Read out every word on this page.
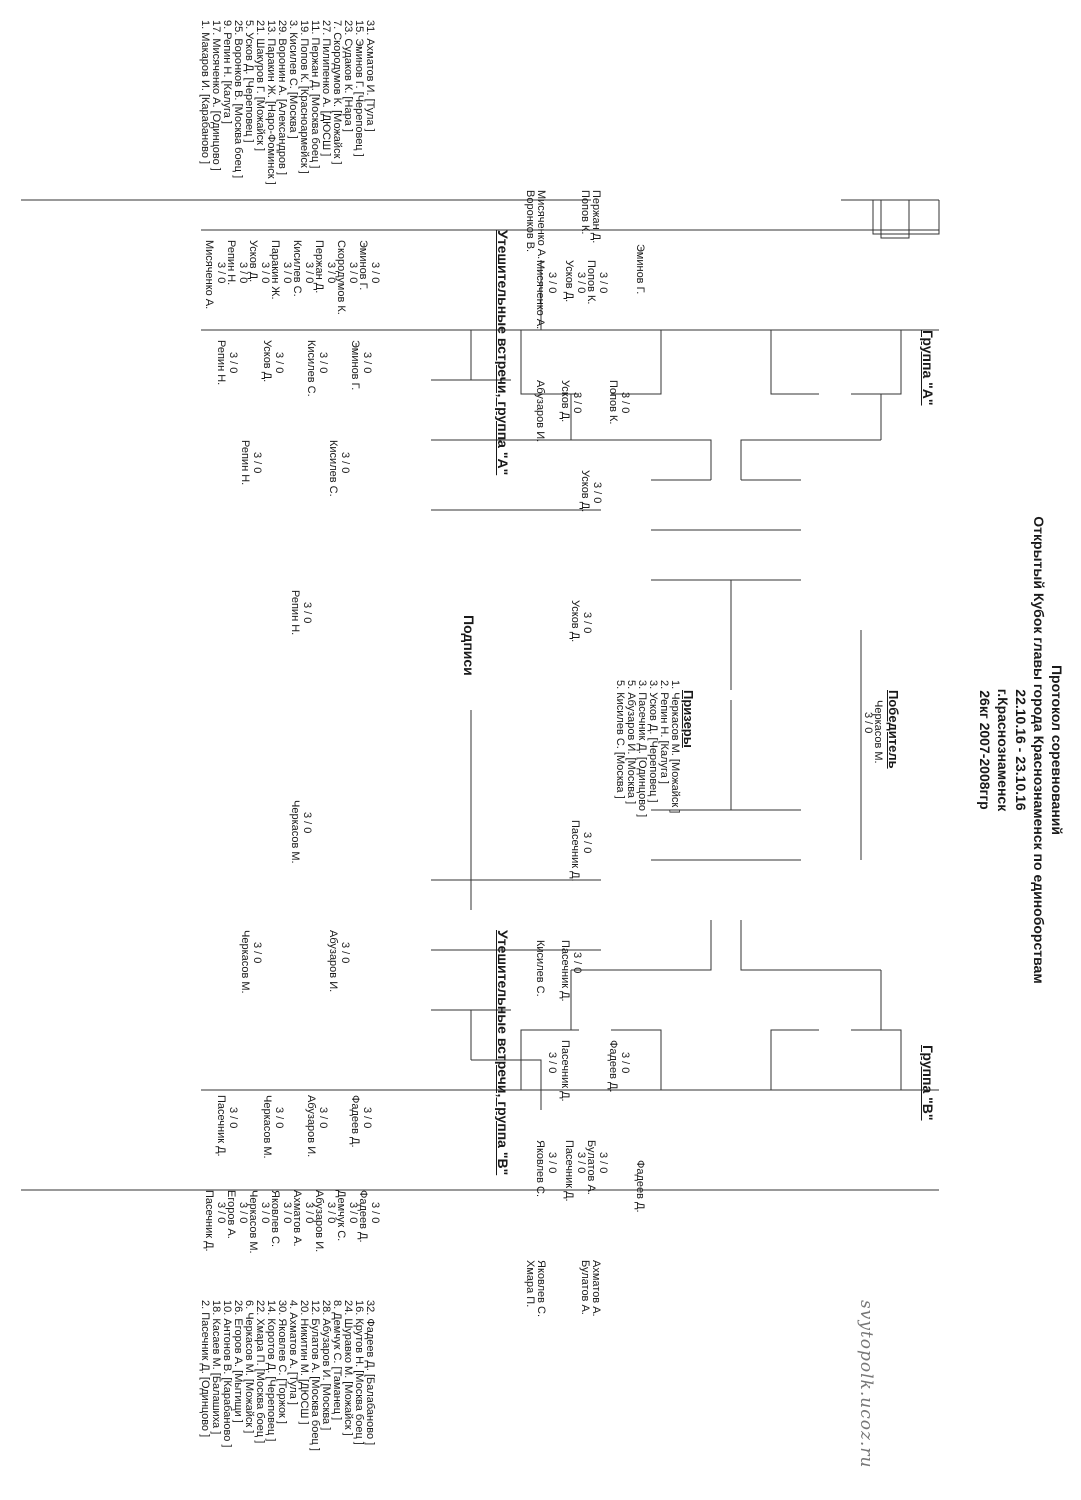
Протокол соревнований
Открытый Кубок главы города Краснознаменск по единоборствам
22.10.16 - 23.10.16
г.Краснознаменск
26кг 2007-2008ггр
Группа "А"
Группа "В"
1. Макаров И. [Карабаново ] 17. Мисяченко А. [Одинцово ] 9. Репин Н. [Калуга ] 25. Воронков В. [Москва боец ] 5. Усков Д. [Череповец ] 21. Шакуров Г. [Можайск ] 13. Паракин Ж. [Наро-Фоминск ] 29. Воронин А. [Александров ] 3. Кисилев С. [Москва ] 19. Попов К. [Красноармейск ] 11. Пержан Д. [Москва боец ] 27. Пилипенко А. [ДЮСШ ] 7. Скородумов К. [Можайск ] 23. Судаков К. [Нара ] 15. Эминов Г. [Череповец ] 31. Ахматов И. [Тула ]
Мисяченко А. 3 / 0
Репин Н. 3 / 0
Усков Д. 3 / 0
Паракин Ж. 3 / 0
Кисилев С. 3 / 0
Пержан Д. 3 / 0
Скородумов К. 3 / 0
Эминов Г. 3 / 0
Репин Н. 3 / 0 Усков Д. 3 / 0 Кисилев С. 3 / 0 Эминов Г. 3 / 0
Репин Н. 3 / 0	Кисилев С. 3 / 0
Репин Н. 3 / 0
2. Пасечник Д. [Одинцово ] 18. Касаев М. [Балашиха ] 10. Антонов В. [Карабаново ] 26. Егоров А. [Мытищи ] 6. Черкасов М. [Можайск ] 22. Хмара П. [Москва боец ] 14. Коротов Д. [Череповец ] 30. Яковлев С. [Торжок ] 4. Ахматов А. [Тула ] 20. Никитин М. [ДЮСШ ] 12. Булатов А. [Москва боец ] 28. Абузаров И. [Москва ] 8. Демчук С. [Таманец ] 24. Шуравко М. [Можайск ] 16. Крутов Н. [Москва боец ] 32. Фадеев Д. [Балабаново ]
Пасечник Д. 3 / 0
Егоров А. 3 / 0
Черкасов М. 3 / 0
Яковлев С. 3 / 0
Ахматов А. 3 / 0
Абузаров И. 3 / 0
Демчук С. 3 / 0
Фадеев Д. 3 / 0
Пасечник Д. 3 / 0 Черкасов М. 3 / 0 Абузаров И. 3 / 0 Фадеев Д. 3 / 0
Черкасов М. 3 / 0	Абузаров И. 3 / 0
Черкасов М. 3 / 0
Победитель
Черкасов М.
3 / 0
Призеры
1. Черкасов М. [Можайск ]
2. Репин Н. [Калуга ]
3. Усков Д. [Череповец ]
3. Пасечник Д. [Одинцово ]
5. Абузаров И. [Москва ]
5. Кисилев С. [Москва ]
Утешительные встречи, группа "А"
Воронков В. Мисяченко А.	Попов К. Пержан Д.
Эминов Г.
Мисяченко А. 3 / 0 Усков Д. 3 / 0
Попов К. 3 / 0
Абузаров И. Усков Д. 3 / 0 Попов К. 3 / 0
Усков Д. 3 / 0
Усков Д. 3 / 0
Утешительные встречи, группа "В"
Хмара П. Яковлев С.	Булатов А. Ахматов А.
Фадеев Д.
Яковлев С. 3 / 0 Пасечник Д. 3 / 0
Булатов А. 3 / 0
Кисилев С. Пасечник Д. 3 / 0
Фадеев Д. 3 / 0
Пасечник Д.
3 / 0
Пасечник Д. 3 / 0
Подписи
svytopolk.ucoz.ru
